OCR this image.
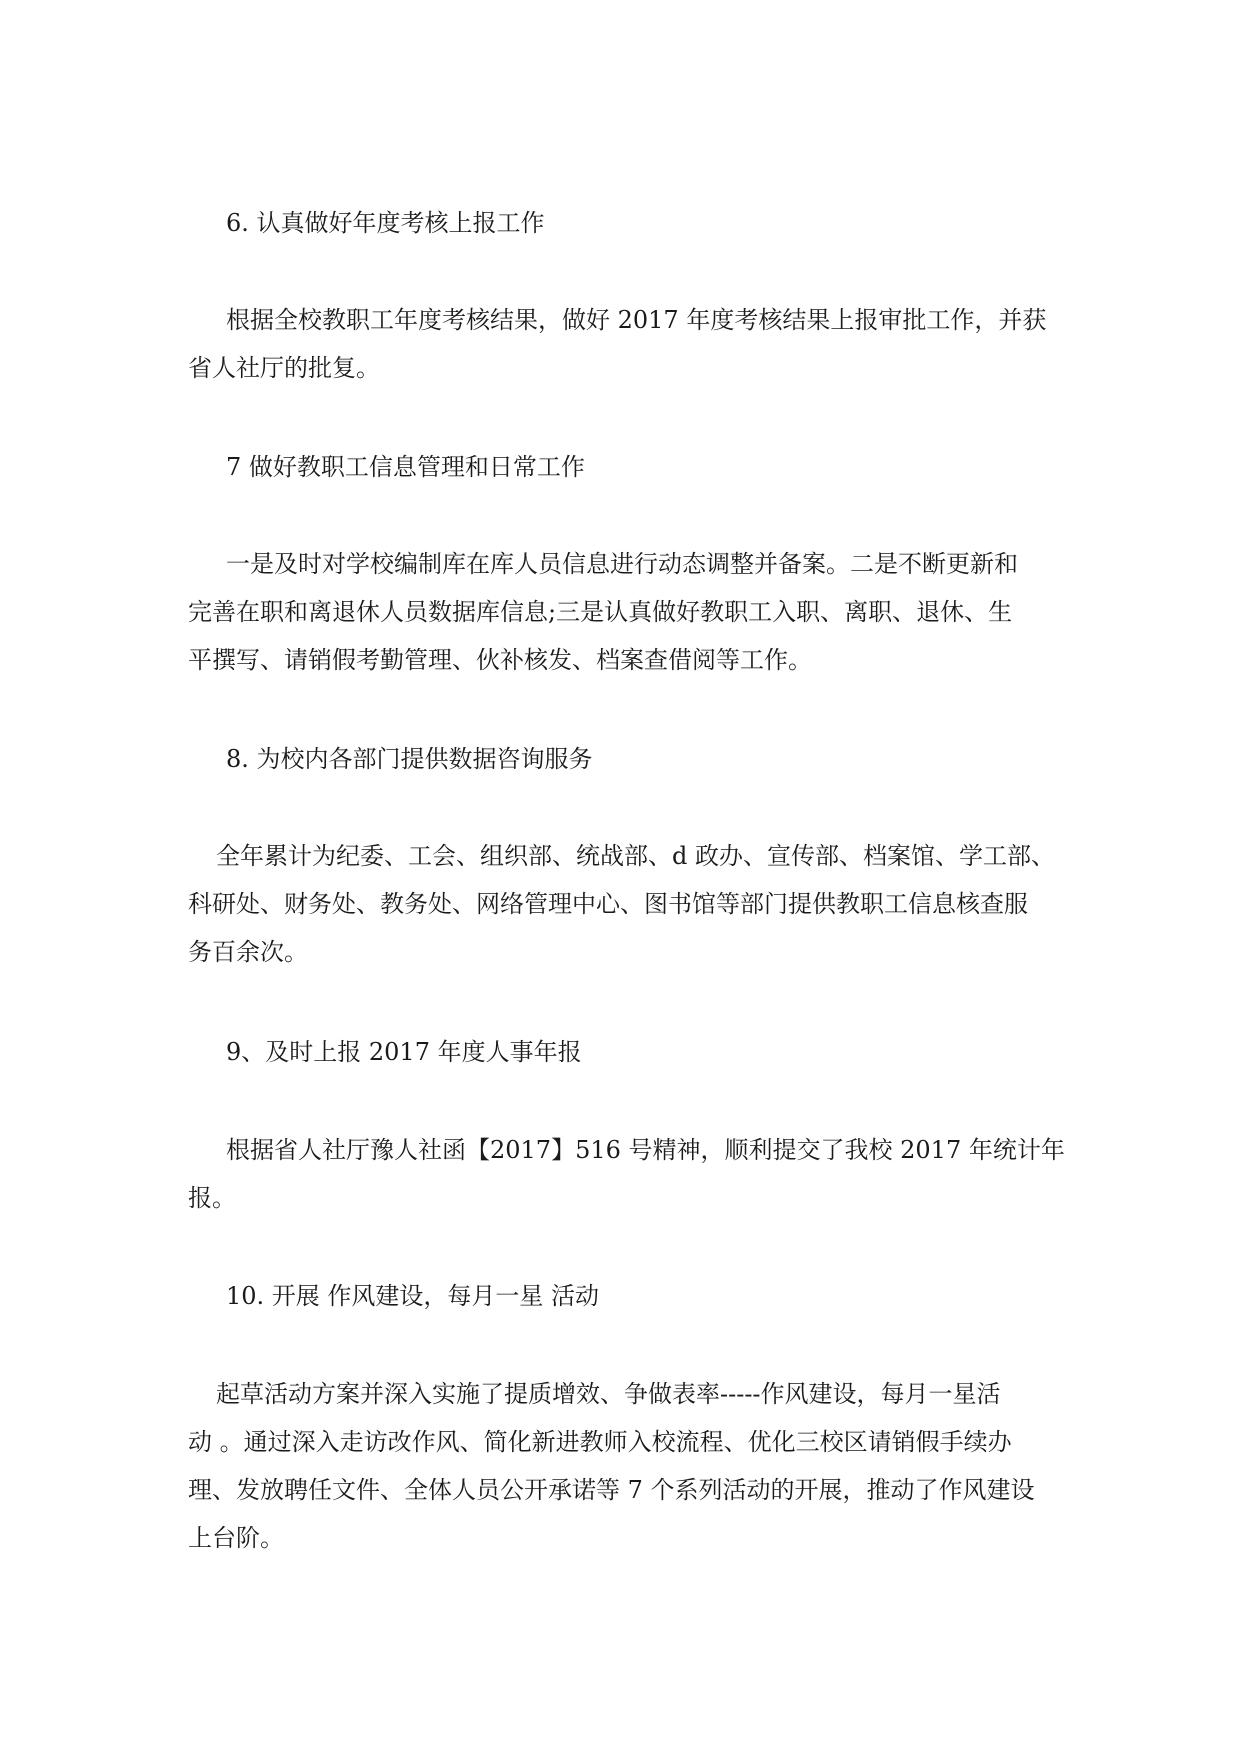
6. 认真做好年度考核上报工作

根据全校教职工年度考核结果，做好 2017 年度考核结果上报审批工作，并获
省人社厅的批复。

7 做好教职工信息管理和日常工作

一是及时对学校编制库在库人员信息进行动态调整并备案。二是不断更新和
完善在职和离退休人员数据库信息;三是认真做好教职工入职、离职、退休、生
平撰写、请销假考勤管理、伙补核发、档案查借阅等工作。

8. 为校内各部门提供数据咨询服务

全年累计为纪委、工会、组织部、统战部、d 政办、宣传部、档案馆、学工部、
科研处、财务处、教务处、网络管理中心、图书馆等部门提供教职工信息核查服
务百余次。

9、及时上报 2017 年度人事年报

根据省人社厅豫人社函【2017】516 号精神，顺利提交了我校 2017 年统计年
报。

10. 开展 作风建设，每月一星 活动

起草活动方案并深入实施了提质增效、争做表率-----作风建设，每月一星活
动 。通过深入走访改作风、简化新进教师入校流程、优化三校区请销假手续办
理、发放聘任文件、全体人员公开承诺等 7 个系列活动的开展，推动了作风建设
上台阶。
